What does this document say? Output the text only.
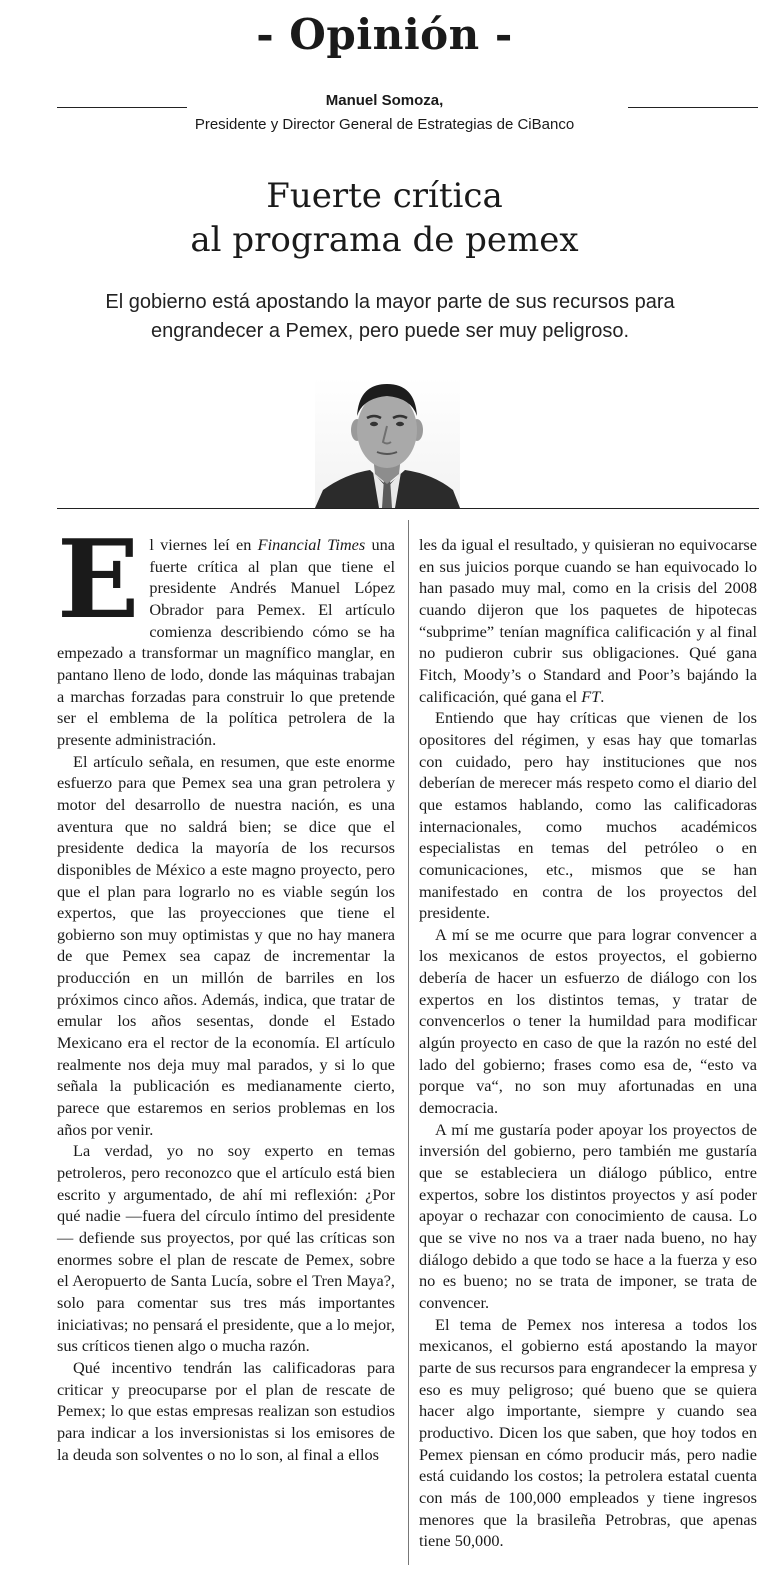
- Opinión -
Manuel Somoza,
Presidente y Director General de Estrategias de CiBanco
Fuerte crítica
al programa de pemex
El gobierno está apostando la mayor parte de sus recursos para engrandecer a Pemex, pero puede ser muy peligroso.

El viernes leí en Financial Times una fuerte crítica al plan que tiene el presidente Andrés Manuel López Obrador para Pemex. El artículo comienza describiendo cómo se ha empezado a transformar un magnífico manglar, en pantano lleno de lodo, donde las máquinas trabajan a marchas forzadas para construir lo que pretende ser el emblema de la política petrolera de la presente administración.

El artículo señala, en resumen, que este enorme esfuerzo para que Pemex sea una gran petrolera y motor del desarrollo de nuestra nación, es una aventura que no saldrá bien; se dice que el presidente dedica la mayoría de los recursos disponibles de México a este magno proyecto, pero que el plan para lograrlo no es viable según los expertos, que las proyecciones que tiene el gobierno son muy optimistas y que no hay manera de que Pemex sea capaz de incrementar la producción en un millón de barriles en los próximos cinco años. Además, indica, que tratar de emular los años sesentas, donde el Estado Mexicano era el rector de la economía. El artículo realmente nos deja muy mal parados, y si lo que señala la publicación es medianamente cierto, parece que estaremos en serios problemas en los años por venir.

La verdad, yo no soy experto en temas petroleros, pero reconozco que el artículo está bien escrito y argumentado, de ahí mi reflexión: ¿Por qué nadie —fuera del círculo íntimo del presidente— defiende sus proyectos, por qué las críticas son enormes sobre el plan de rescate de Pemex, sobre el Aeropuerto de Santa Lucía, sobre el Tren Maya?, solo para comentar sus tres más importantes iniciativas; no pensará el presidente, que a lo mejor, sus críticos tienen algo o mucha razón.

Qué incentivo tendrán las calificadoras para criticar y preocuparse por el plan de rescate de Pemex; lo que estas empresas realizan son estudios para indicar a los inversionistas si los emisores de la deuda son solventes o no lo son, al final a ellos

les da igual el resultado, y quisieran no equivocarse en sus juicios porque cuando se han equivocado lo han pasado muy mal, como en la crisis del 2008 cuando dijeron que los paquetes de hipotecas “subprime” tenían magnífica calificación y al final no pudieron cubrir sus obligaciones. Qué gana Fitch, Moody’s o Standard and Poor’s bajándo la calificación, qué gana el FT.

Entiendo que hay críticas que vienen de los opositores del régimen, y esas hay que tomarlas con cuidado, pero hay instituciones que nos deberían de merecer más respeto como el diario del que estamos hablando, como las calificadoras internacionales, como muchos académicos especialistas en temas del petróleo o en comunicaciones, etc., mismos que se han manifestado en contra de los proyectos del presidente.

A mí se me ocurre que para lograr convencer a los mexicanos de estos proyectos, el gobierno debería de hacer un esfuerzo de diálogo con los expertos en los distintos temas, y tratar de convencerlos o tener la humildad para modificar algún proyecto en caso de que la razón no esté del lado del gobierno; frases como esa de, “esto va porque va“, no son muy afortunadas en una democracia.

A mí me gustaría poder apoyar los proyectos de inversión del gobierno, pero también me gustaría que se estableciera un diálogo público, entre expertos, sobre los distintos proyectos y así poder apoyar o rechazar con conocimiento de causa. Lo que se vive no nos va a traer nada bueno, no hay diálogo debido a que todo se hace a la fuerza y eso no es bueno; no se trata de imponer, se trata de convencer.

El tema de Pemex nos interesa a todos los mexicanos, el gobierno está apostando la mayor parte de sus recursos para engrandecer la empresa y eso es muy peligroso; qué bueno que se quiera hacer algo importante, siempre y cuando sea productivo. Dicen los que saben, que hoy todos en Pemex piensan en cómo producir más, pero nadie está cuidando los costos; la petrolera estatal cuenta con más de 100,000 empleados y tiene ingresos menores que la brasileña Petrobras, que apenas tiene 50,000.
